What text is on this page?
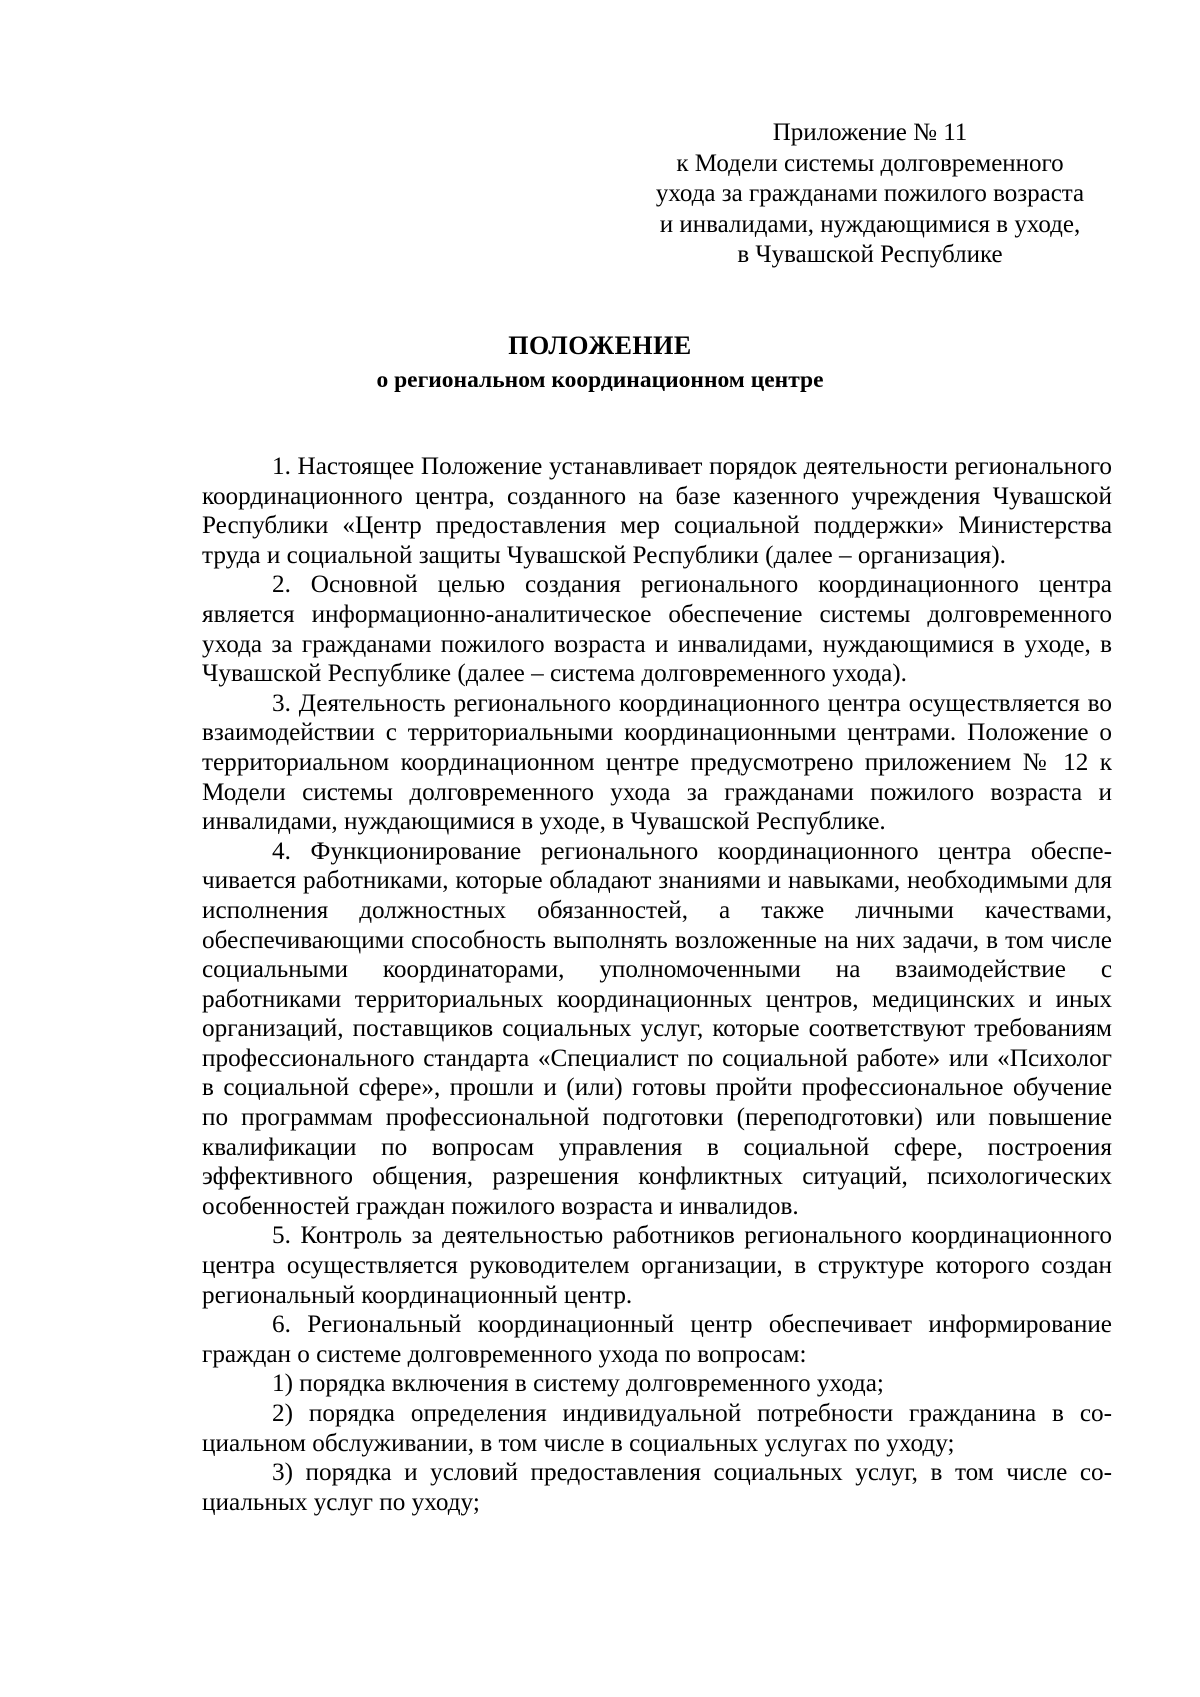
Приложение № 11
к Модели системы долговременного
ухода за гражданами пожилого возраста
и инвалидами, нуждающимися в уходе,
в Чувашской Республике
ПОЛОЖЕНИЕ
о региональном координационном центре

1. Настоящее Положение устанавливает порядок деятельности регионального координационного центра, созданного на базе казенного учреждения Чувашской Республики «Центр предоставления мер социальной поддержки» Министерства труда и социальной защиты Чувашской Республики (далее – организация).

2. Основной целью создания регионального координационного центра является информационно-аналитическое обеспечение системы долговременного ухода за гражданами пожилого возраста и инвалидами, нуждающимися в уходе, в Чувашской Республике (далее – система долговременного ухода).

3. Деятельность регионального координационного центра осуществляется во взаимодействии с территориальными координационными центрами. Положение о территориальном координационном центре предусмотрено приложением № 12 к Модели системы долговременного ухода за гражданами пожилого возраста и инвалидами, нуждающимися в уходе, в Чувашской Республике.

4. Функционирование регионального координационного центра обеспечивается работниками, которые обладают знаниями и навыками, необходимыми для исполнения должностных обязанностей, а также личными качествами, обеспечивающими способность выполнять возложенные на них задачи, в том числе социальными координаторами, уполномоченными на взаимодействие с работниками территориальных координационных центров, медицинских и иных организаций, поставщиков социальных услуг, которые соответствуют требованиям профессионального стандарта «Специалист по социальной работе» или «Психолог в социальной сфере», прошли и (или) готовы пройти профессиональное обучение по программам профессиональной подготовки (переподготовки) или повышение квалификации по вопросам управления в социальной сфере, построения эффективного общения, разрешения конфликтных ситуаций, психологических особенностей граждан пожилого возраста и инвалидов.

5. Контроль за деятельностью работников регионального координационного центра осуществляется руководителем организации, в структуре которого создан региональный координационный центр.

6. Региональный координационный центр обеспечивает информирование граждан о системе долговременного ухода по вопросам:

1) порядка включения в систему долговременного ухода;

2) порядка определения индивидуальной потребности гражданина в социальном обслуживании, в том числе в социальных услугах по уходу;

3) порядка и условий предоставления социальных услуг, в том числе социальных услуг по уходу;
